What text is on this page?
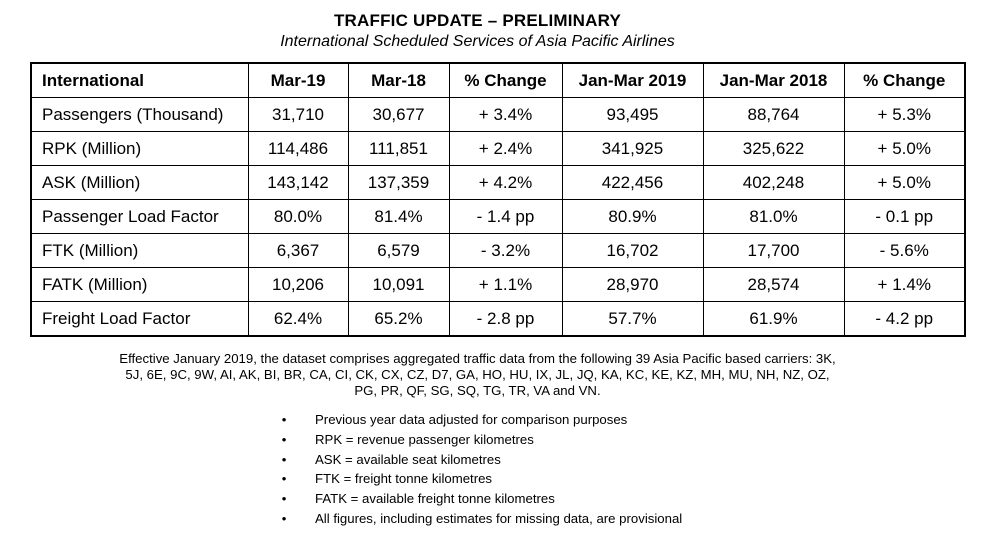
TRAFFIC UPDATE – PRELIMINARY
International Scheduled Services of Asia Pacific Airlines
International	Mar-19	Mar-18	% Change	Jan-Mar 2019	Jan-Mar 2018	% Change
Passengers (Thousand)	31,710	30,677	+ 3.4%	93,495	88,764	+ 5.3%
RPK (Million)	114,486	111,851	+ 2.4%	341,925	325,622	+ 5.0%
ASK (Million)	143,142	137,359	+ 4.2%	422,456	402,248	+ 5.0%
Passenger Load Factor	80.0%	81.4%	- 1.4 pp	80.9%	81.0%	- 0.1 pp
FTK (Million)	6,367	6,579	- 3.2%	16,702	17,700	- 5.6%
FATK (Million)	10,206	10,091	+ 1.1%	28,970	28,574	+ 1.4%
Freight Load Factor	62.4%	65.2%	- 2.8 pp	57.7%	61.9%	- 4.2 pp
Effective January 2019, the dataset comprises aggregated traffic data from the following 39 Asia Pacific based carriers: 3K,
5J, 6E, 9C, 9W, AI, AK, BI, BR, CA, CI, CK, CX, CZ, D7, GA, HO, HU, IX, JL, JQ, KA, KC, KE, KZ, MH, MU, NH, NZ, OZ,
PG, PR, QF, SG, SQ, TG, TR, VA and VN.
• Previous year data adjusted for comparison purposes
• RPK = revenue passenger kilometres
• ASK = available seat kilometres
• FTK = freight tonne kilometres
• FATK = available freight tonne kilometres
• All figures, including estimates for missing data, are provisional
